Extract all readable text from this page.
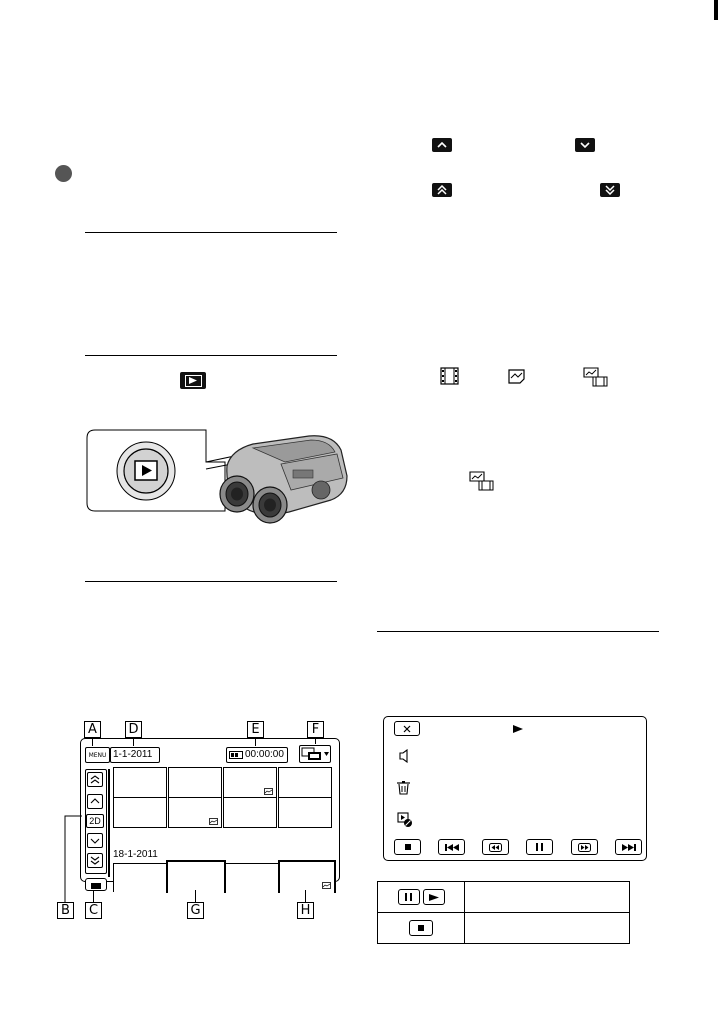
MENU 1-1-2011	00:00:00
2D
18-1-2011
A	D	E	F
B	C	G	H
